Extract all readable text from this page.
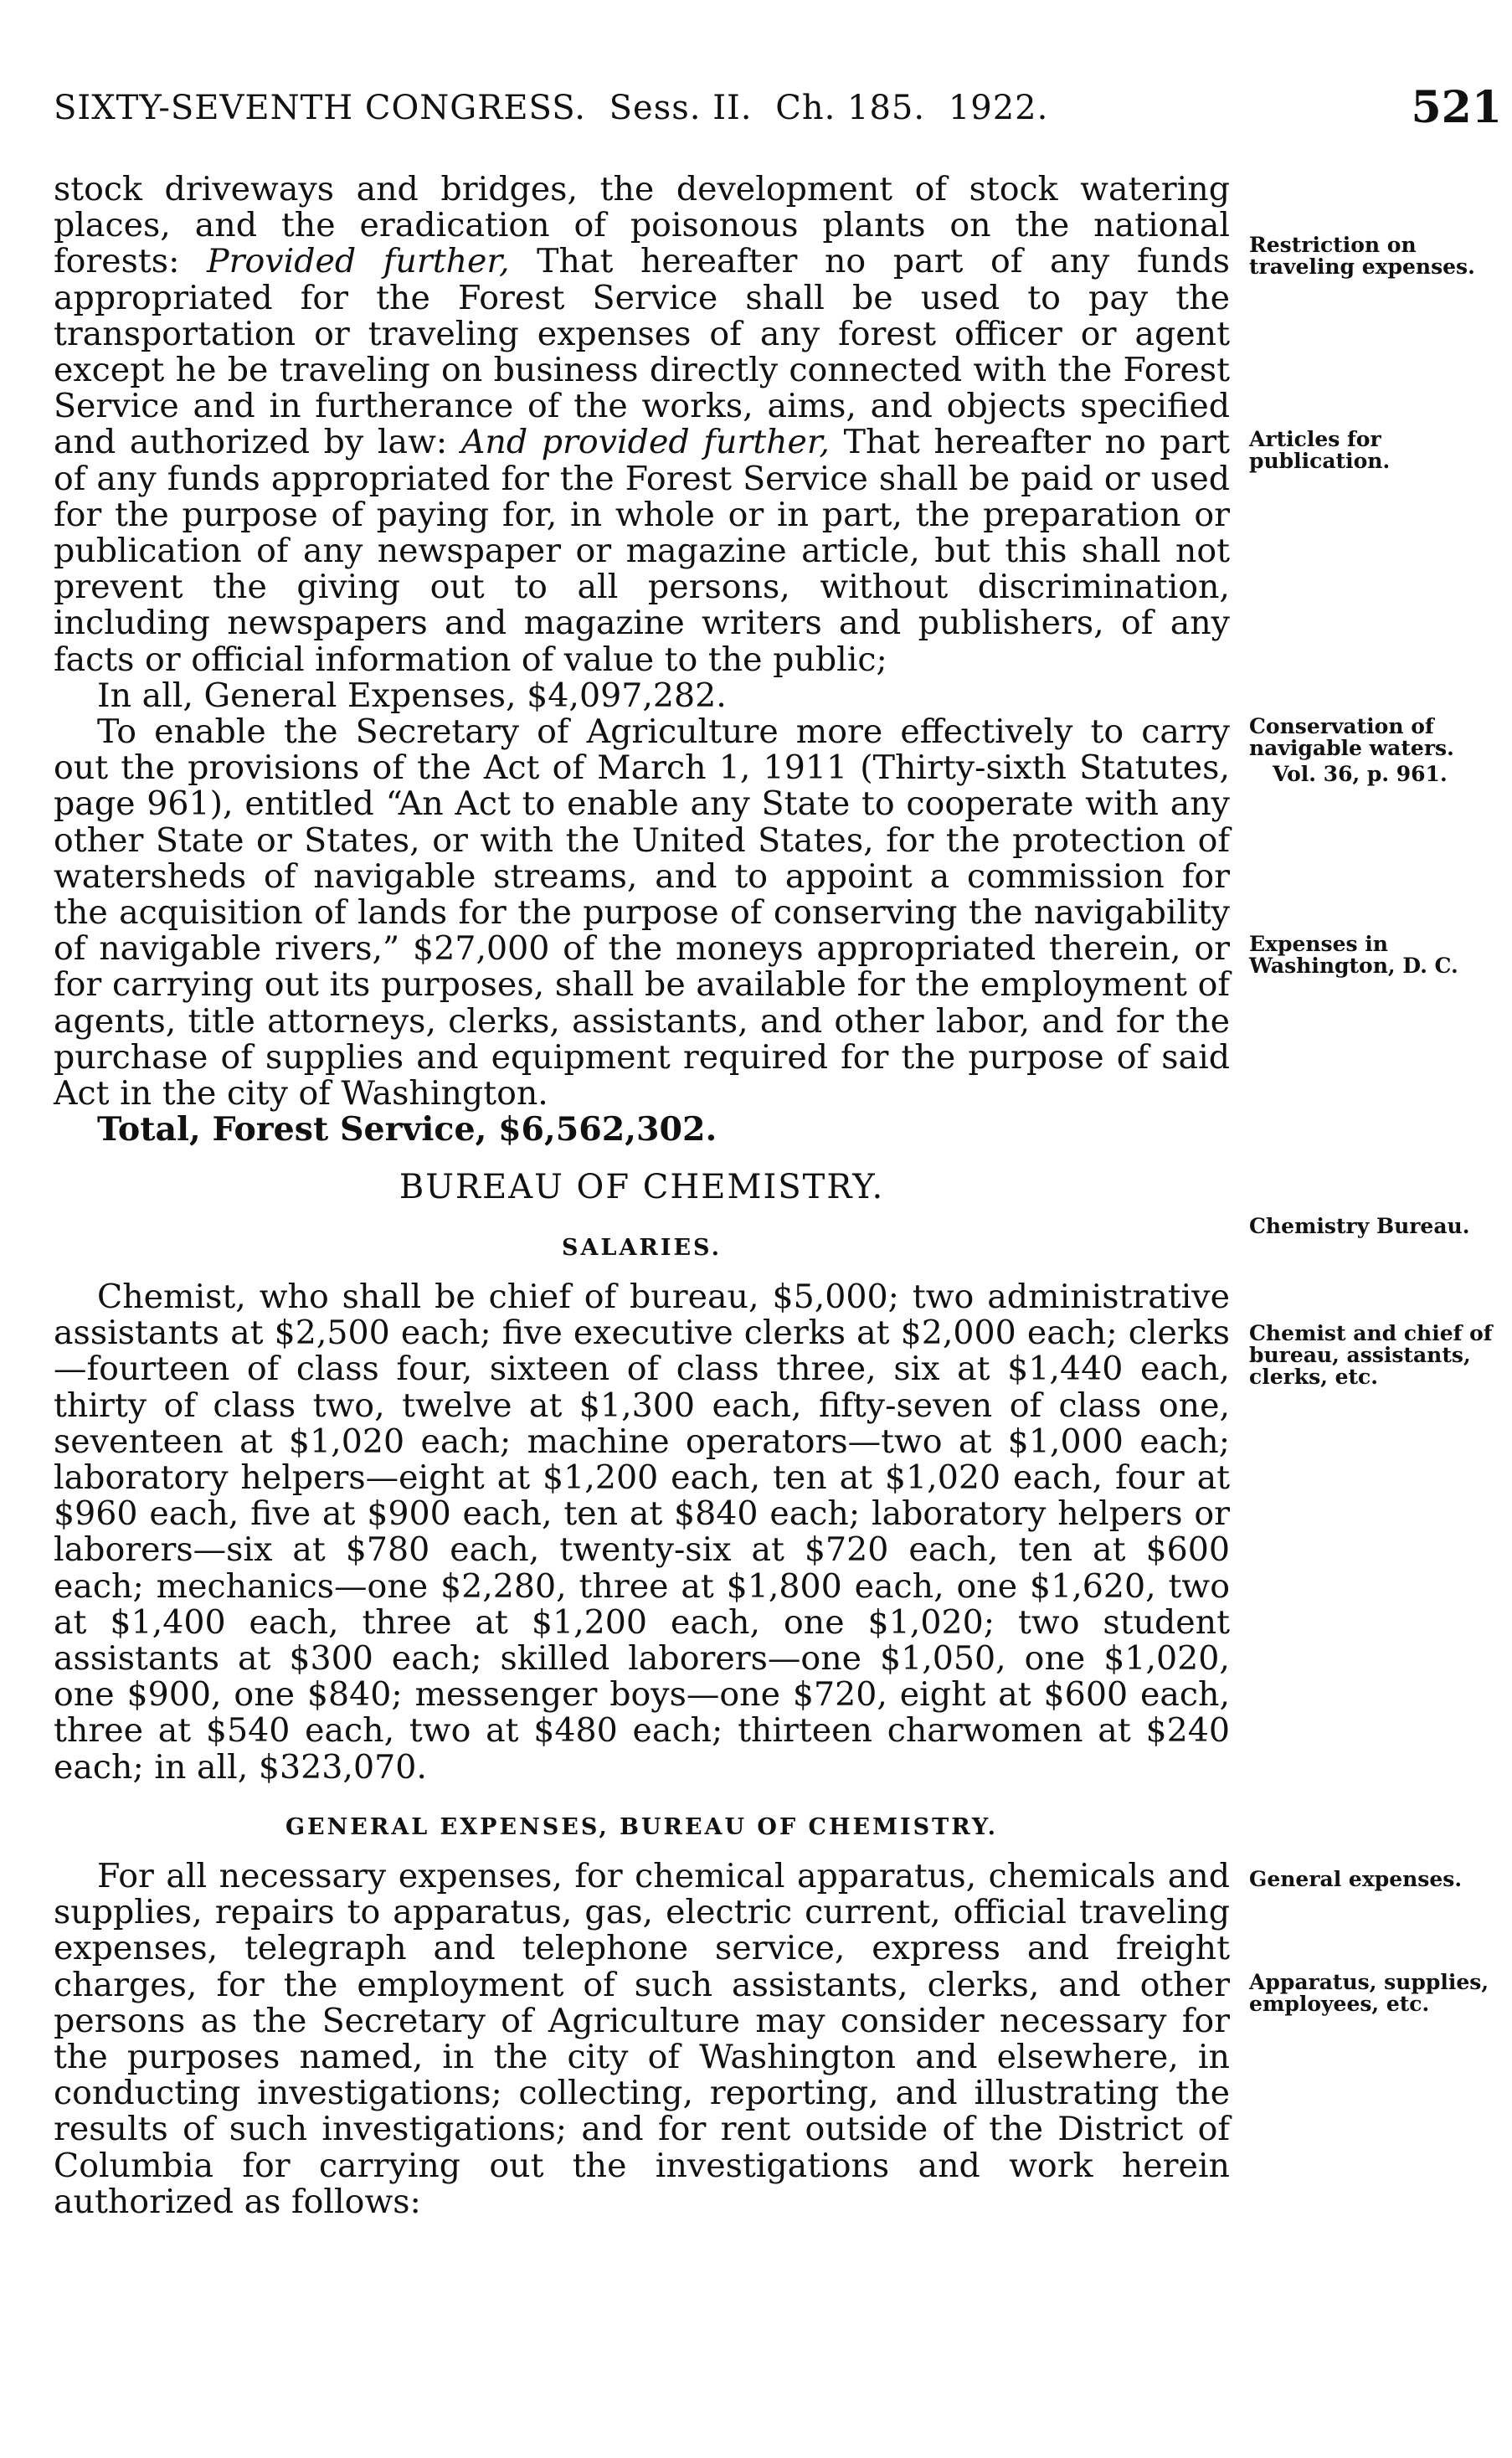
SIXTY-SEVENTH CONGRESS. Sess. II. Ch. 185. 1922.	521

stock driveways and bridges, the development of stock watering places, and the eradication of poisonous plants on the national forests: Provided further, That hereafter no part of any funds appropriated for the Forest Service shall be used to pay the transportation or traveling expenses of any forest officer or agent except he be traveling on business directly connected with the Forest Service and in furtherance of the works, aims, and objects specified and authorized by law: And provided further, That hereafter no part of any funds appropriated for the Forest Service shall be paid or used for the purpose of paying for, in whole or in part, the preparation or publication of any newspaper or magazine article, but this shall not prevent the giving out to all persons, without discrimination, including newspapers and magazine writers and publishers, of any facts or official information of value to the public;

In all, General Expenses, $4,097,282.

To enable the Secretary of Agriculture more effectively to carry out the provisions of the Act of March 1, 1911 (Thirty-sixth Statutes, page 961), entitled “An Act to enable any State to cooperate with any other State or States, or with the United States, for the protection of watersheds of navigable streams, and to appoint a commission for the acquisition of lands for the purpose of conserving the navigability of navigable rivers,” $27,000 of the moneys appropriated therein, or for carrying out its purposes, shall be available for the employment of agents, title attorneys, clerks, assistants, and other labor, and for the purchase of supplies and equipment required for the purpose of said Act in the city of Washington.

Total, Forest Service, $6,562,302.

BUREAU OF CHEMISTRY.
SALARIES.

Chemist, who shall be chief of bureau, $5,000; two administrative assistants at $2,500 each; five executive clerks at $2,000 each; clerks—fourteen of class four, sixteen of class three, six at $1,440 each, thirty of class two, twelve at $1,300 each, fifty-seven of class one, seventeen at $1,020 each; machine operators—two at $1,000 each; laboratory helpers—eight at $1,200 each, ten at $1,020 each, four at $960 each, five at $900 each, ten at $840 each; laboratory helpers or laborers—six at $780 each, twenty-six at $720 each, ten at $600 each; mechanics—one $2,280, three at $1,800 each, one $1,620, two at $1,400 each, three at $1,200 each, one $1,020; two student assistants at $300 each; skilled laborers—one $1,050, one $1,020, one $900, one $840; messenger boys—one $720, eight at $600 each, three at $540 each, two at $480 each; thirteen charwomen at $240 each; in all, $323,070.

GENERAL EXPENSES, BUREAU OF CHEMISTRY.

For all necessary expenses, for chemical apparatus, chemicals and supplies, repairs to apparatus, gas, electric current, official traveling expenses, telegraph and telephone service, express and freight charges, for the employment of such assistants, clerks, and other persons as the Secretary of Agriculture may consider necessary for the purposes named, in the city of Washington and elsewhere, in conducting investigations; collecting, reporting, and illustrating the results of such investigations; and for rent outside of the District of Columbia for carrying out the investigations and work herein authorized as follows:

Restriction on traveling expenses.
Articles for publication.
Conservation of navigable waters.
Vol. 36, p. 961.
Expenses in Washington, D. C.
Chemistry Bureau.
Chemist and chief of bureau, assistants, clerks, etc.
General expenses.
Apparatus, supplies, employees, etc.
